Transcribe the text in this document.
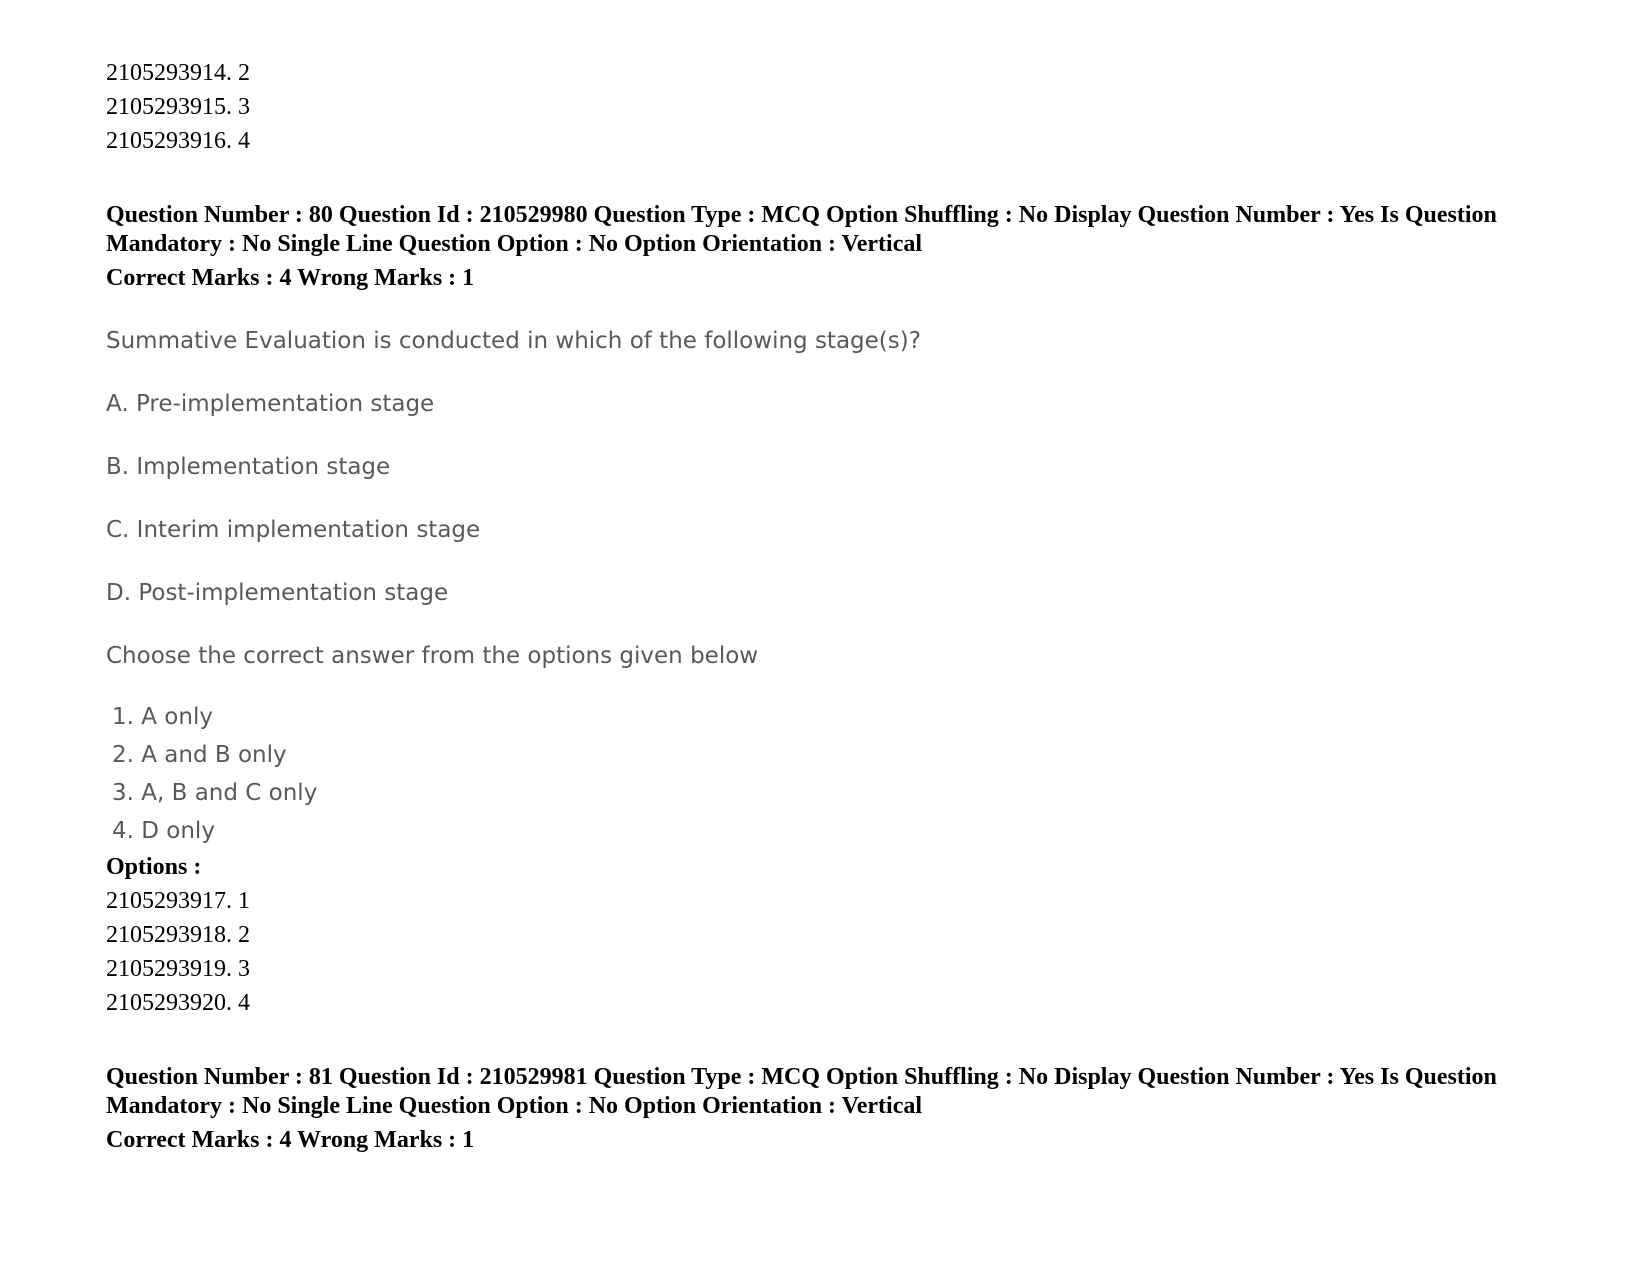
2105293914. 2
2105293915. 3
2105293916. 4
Question Number : 80 Question Id : 210529980 Question Type : MCQ Option Shuffling : No Display Question Number : Yes Is Question Mandatory : No Single Line Question Option : No Option Orientation : Vertical
Correct Marks : 4 Wrong Marks : 1
Summative Evaluation is conducted in which of the following stage(s)?
A. Pre-implementation stage
B. Implementation stage
C. Interim implementation stage
D. Post-implementation stage
Choose the correct answer from the options given below
1. A only
2. A and B only
3. A, B and C only
4. D only
Options :
2105293917. 1
2105293918. 2
2105293919. 3
2105293920. 4
Question Number : 81 Question Id : 210529981 Question Type : MCQ Option Shuffling : No Display Question Number : Yes Is Question Mandatory : No Single Line Question Option : No Option Orientation : Vertical
Correct Marks : 4 Wrong Marks : 1
